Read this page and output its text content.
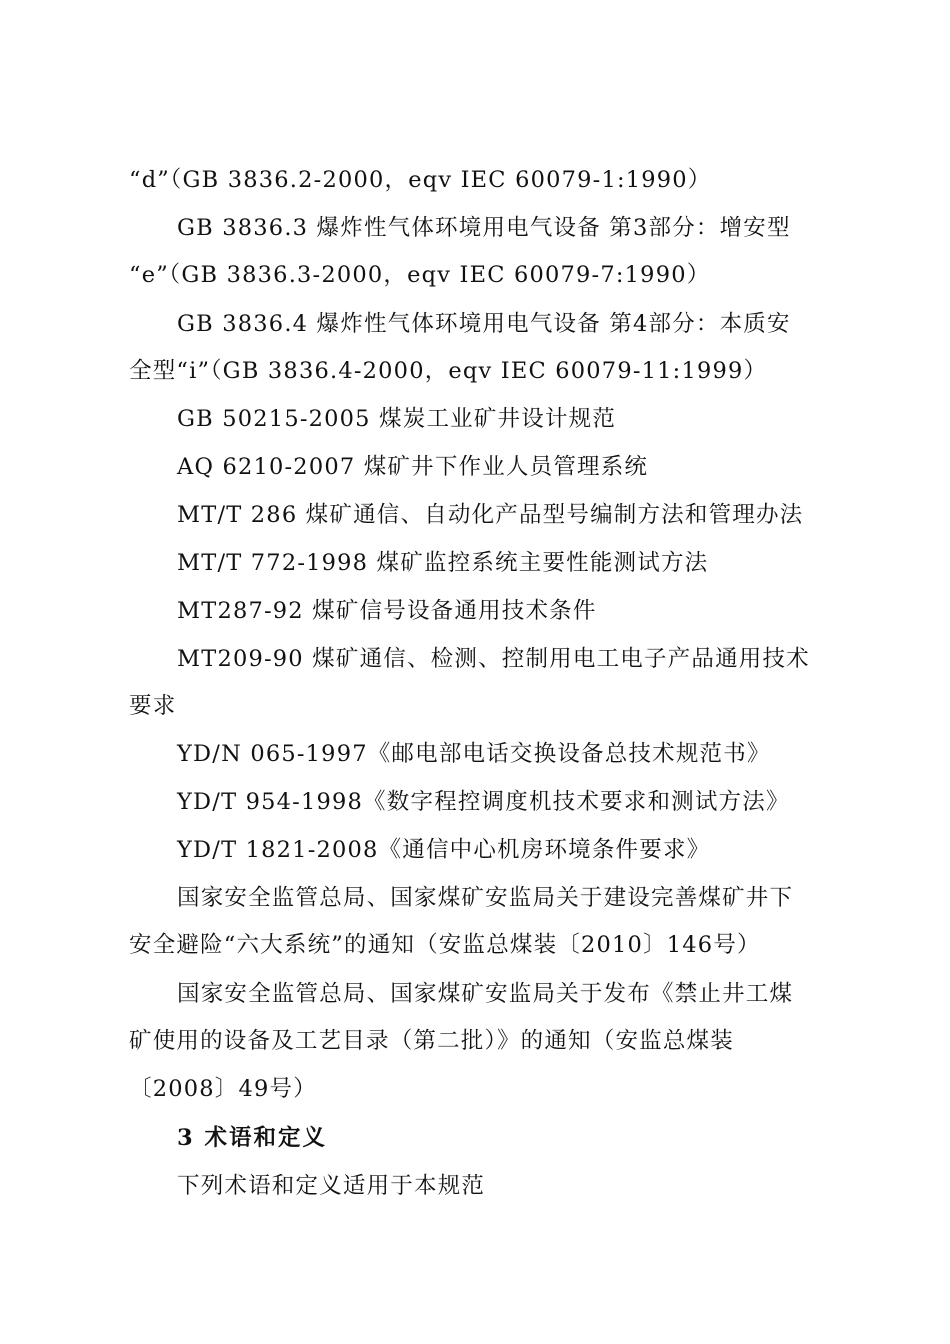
“d”（GB 3836.2-2000，eqv IEC 60079-1:1990）
GB 3836.3 爆炸性气体环境用电气设备 第3部分：增安型
“e”（GB 3836.3-2000，eqv IEC 60079-7:1990）
GB 3836.4 爆炸性气体环境用电气设备 第4部分：本质安
全型“i”（GB 3836.4-2000，eqv IEC 60079-11:1999）
GB 50215-2005 煤炭工业矿井设计规范
AQ 6210-2007 煤矿井下作业人员管理系统
MT/T 286 煤矿通信、自动化产品型号编制方法和管理办法
MT/T 772-1998 煤矿监控系统主要性能测试方法
MT287-92 煤矿信号设备通用技术条件
MT209-90 煤矿通信、检测、控制用电工电子产品通用技术
要求
YD/N 065-1997《邮电部电话交换设备总技术规范书》
YD/T 954-1998《数字程控调度机技术要求和测试方法》
YD/T 1821-2008《通信中心机房环境条件要求》
国家安全监管总局、国家煤矿安监局关于建设完善煤矿井下
安全避险“六大系统”的通知（安监总煤装〔2010〕146号）
国家安全监管总局、国家煤矿安监局关于发布《禁止井工煤
矿使用的设备及工艺目录（第二批）》的通知（安监总煤装
〔2008〕49号）
3 术语和定义
下列术语和定义适用于本规范
